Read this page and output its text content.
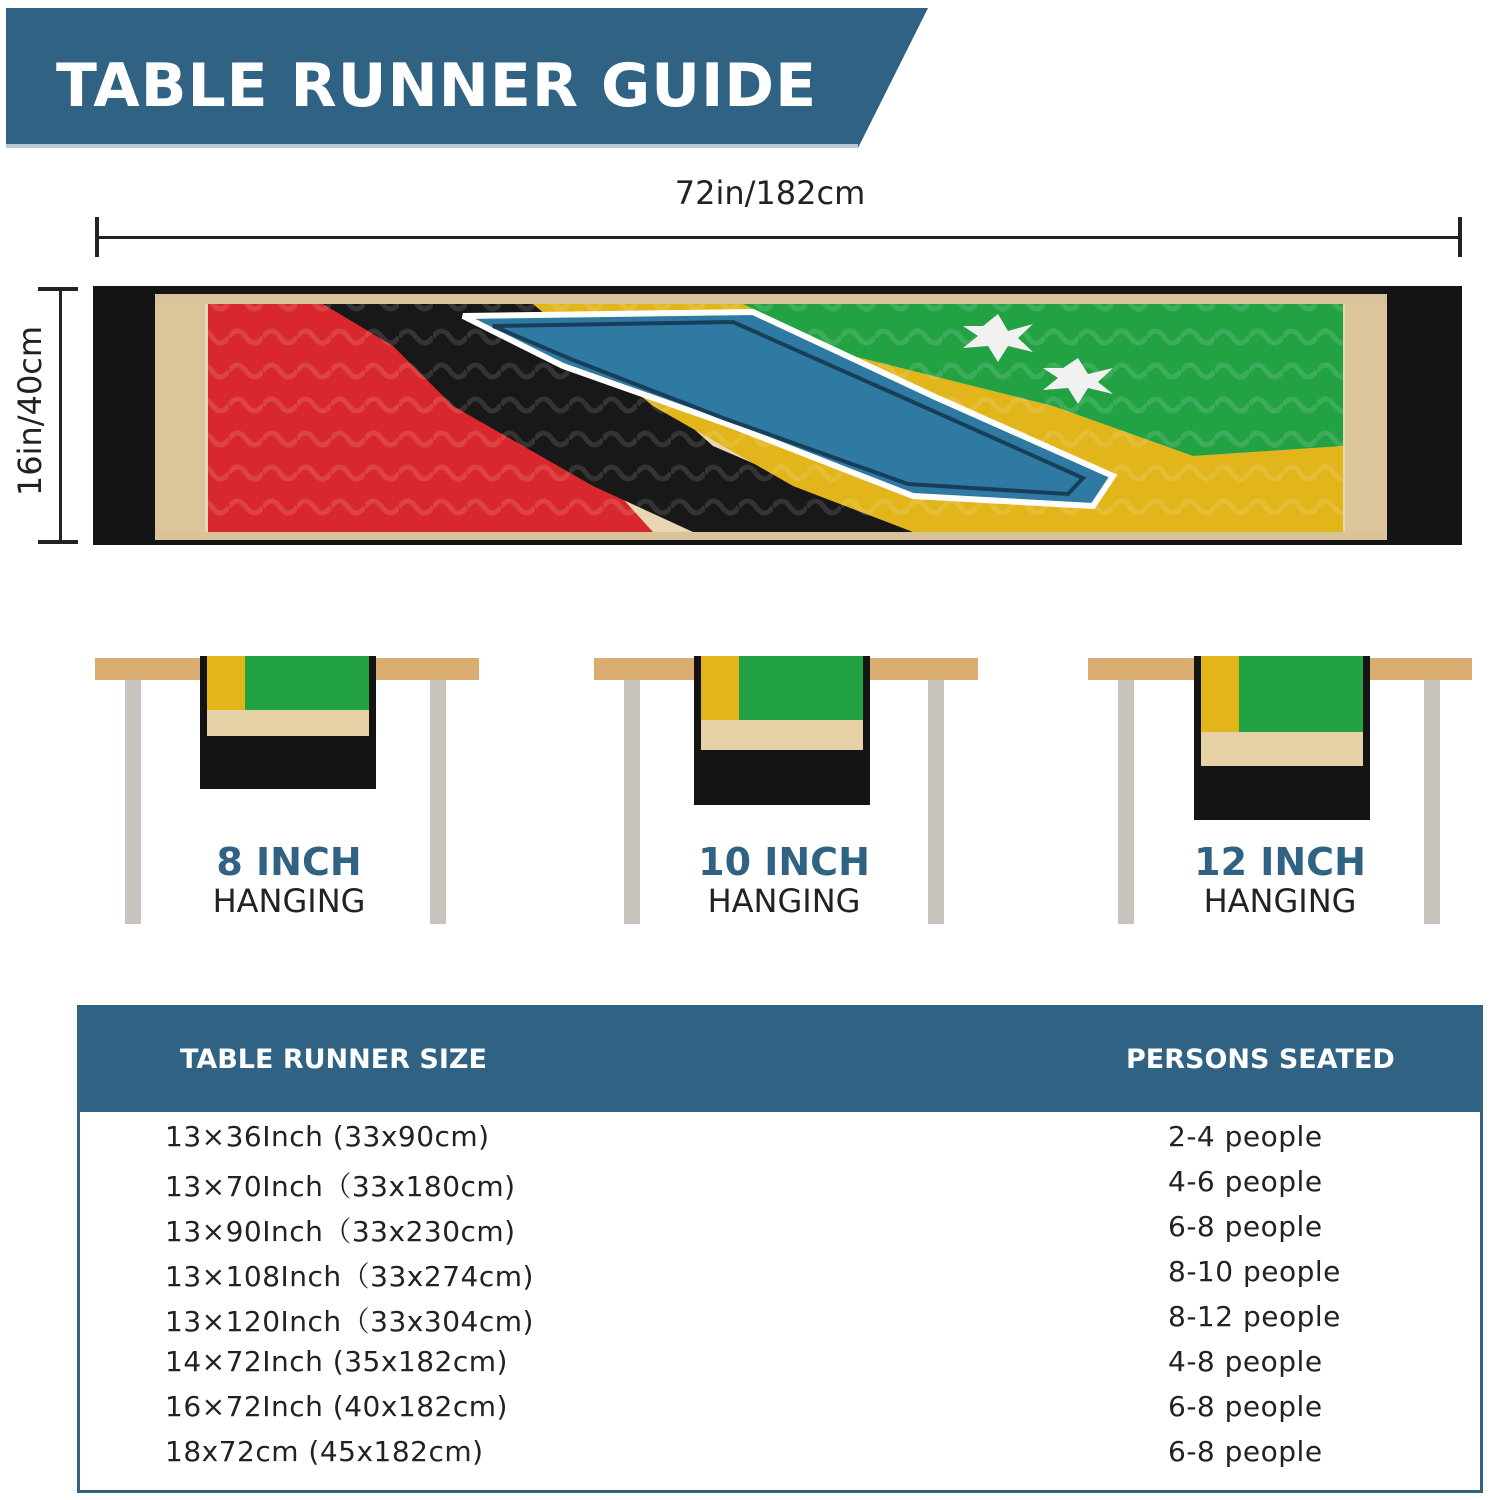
TABLE RUNNER GUIDE
72in/182cm
16in/40cm
8 INCH
HANGING
10 INCH
HANGING
12 INCH
HANGING
TABLE RUNNER SIZE	PERSONS SEATED
13×36Inch (33x90cm)	2-4 people
13×70Inch（33x180cm)	4-6 people
13×90Inch（33x230cm)	6-8 people
13×108Inch（33x274cm)	8-10 people
13×120Inch（33x304cm)	8-12 people
14×72Inch (35x182cm)	4-8 people
16×72Inch (40x182cm)	6-8 people
18x72cm (45x182cm)	6-8 people
